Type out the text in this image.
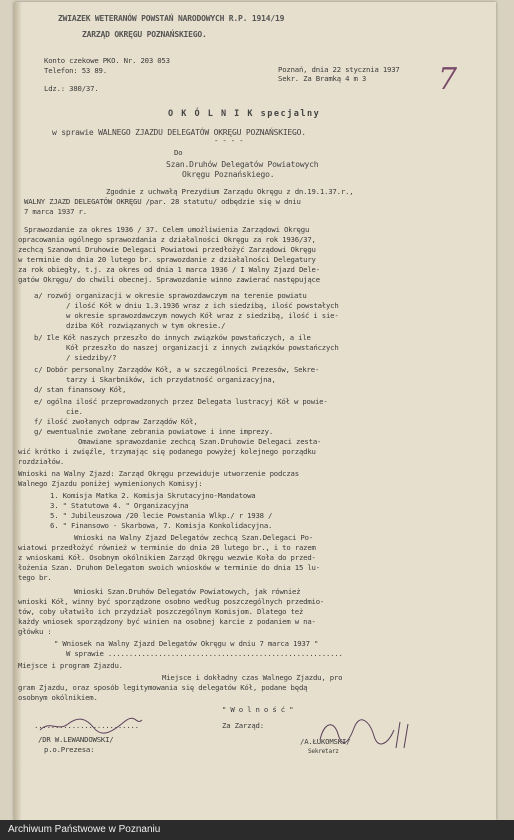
ZWIAZEK WETERANÓW POWSTAŃ NARODOWYCH R.P. 1914/19
ZARZĄD OKRĘGU POZNAŃSKIEGO.
Konto czekowe PKO. Nr. 203 053
Telefon: 53 89.
Ldz.: 380/37.
Poznań, dnia 22 stycznia 1937
Sekr. Za Bramką 4 m 3 7
O K Ó L N I K specjalny
w sprawie WALNEGO ZJAZDU DELEGATÓW OKRĘGU POZNAŃSKIEGO.
- - - -
Do
Szan.Druhów Delegatów Powiatowych
Okręgu Poznańskiego.
Zgodnie z uchwałą Prezydium Zarządu Okręgu z dn.19.1.37.r.,
WALNY ZJAZD DELEGATÓW OKRĘGU /par. 28 statutu/ odbędzie się w dniu
7 marca 1937 r.
Sprawozdanie za okres 1936 / 37. Celem umożliwienia Zarządowi Okręgu
opracowania ogólnego sprawozdania z działalności Okręgu za rok 1936/37,
zechcą Szanowni Druhowie Delegaci Powiatowi przedłożyć Zarządowi Okręgu
w terminie do dnia 20 lutego br. sprawozdanie z działalności Delegatury
za rok obiegły, t.j. za okres od dnia 1 marca 1936 / I Walny Zjazd Dele-
gatów Okręgu/ do chwili obecnej. Sprawozdanie winno zawierać następujące
a/ rozwój organizacji w okresie sprawozdawczym na terenie powiatu
/ ilość Kół w dniu 1.3.1936 wraz z ich siedzibą, ilość powstałych
w okresie sprawozdawczym nowych Kół wraz z siedzibą, ilość i sie-
dziba Kół rozwiązanych w tym okresie./
b/ Ile Kół naszych przeszło do innych związków powstańczych, a ile
Kół przeszło do naszej organizacji z innych związków powstańczych
/ siedziby/?
c/ Dobór personalny Zarządów Kół, a w szczególności Prezesów, Sekre-
tarzy i Skarbników, ich przydatność organizacyjna,
d/ stan finansowy Kół,
e/ ogólna ilość przeprowadzonych przez Delegata lustracyj Kół w powie-
cie.
f/ ilość zwołanych odpraw Zarządów Kół,
g/ ewentualnie zwołane zebrania powiatowe i inne imprezy.
Omawiane sprawozdanie zechcą Szan.Druhowie Delegaci zesta-
wić krótko i zwięźle, trzymając się podanego powyżej kolejnego porządku
rozdziałów.
Wnioski na Walny Zjazd: Zarząd Okręgu przewiduje utworzenie podczas
Walnego Zjazdu poniżej wymienionych Komisyj:
1. Komisja Matka 2. Komisja Skrutacyjno-Mandatowa
3. " Statutowa 4. " Organizacyjna
5. " Jubileuszowa /20 lecie Powstania Wlkp./ r 1938 /
6. " Finansowo - Skarbowa, 7. Komisja Konkolidacyjna.
Wnioski na Walny Zjazd Delegatów zechcą Szan.Delegaci Po-
wiatowi przedłożyć również w terminie do dnia 20 lutego br., i to razem
z wnioskami Kół. Osobnym okólnikiem Zarząd Okręgu wezwie Koła do przed-
łożenia Szan. Druhom Delegatom swoich wniosków w terminie do dnia 15 lu-
tego br.
Wnioski Szan.Druhów Delegatów Powiatowych, jak również
wnioski Kół, winny być sporządzone osobno według poszczególnych przedmio-
tów, coby ułatwiło ich przydział poszczególnym Komisjom. Dlatego też
każdy wniosek sporządzony być winien na osobnej karcie z podaniem w na-
główku :
" Wniosek na Walny Zjazd Delegatów Okręgu w dniu 7 marca 1937 "
W sprawie ........................................................
Miejsce i program Zjazdu.
Miejsce i dokładny czas Walnego Zjazdu, pro
gram Zjazdu, oraz sposób legitymowania się delegatów Kół, podane będą
osobnym okólnikiem.
" W o l n o ś ć "
.........................	Za Zarząd:
/DR W.LEWANDOWSKI/
p.o.Prezesa:
/A.ŁUKOMSKI/
Sekretarz
Archiwum Państwowe w Poznaniu
